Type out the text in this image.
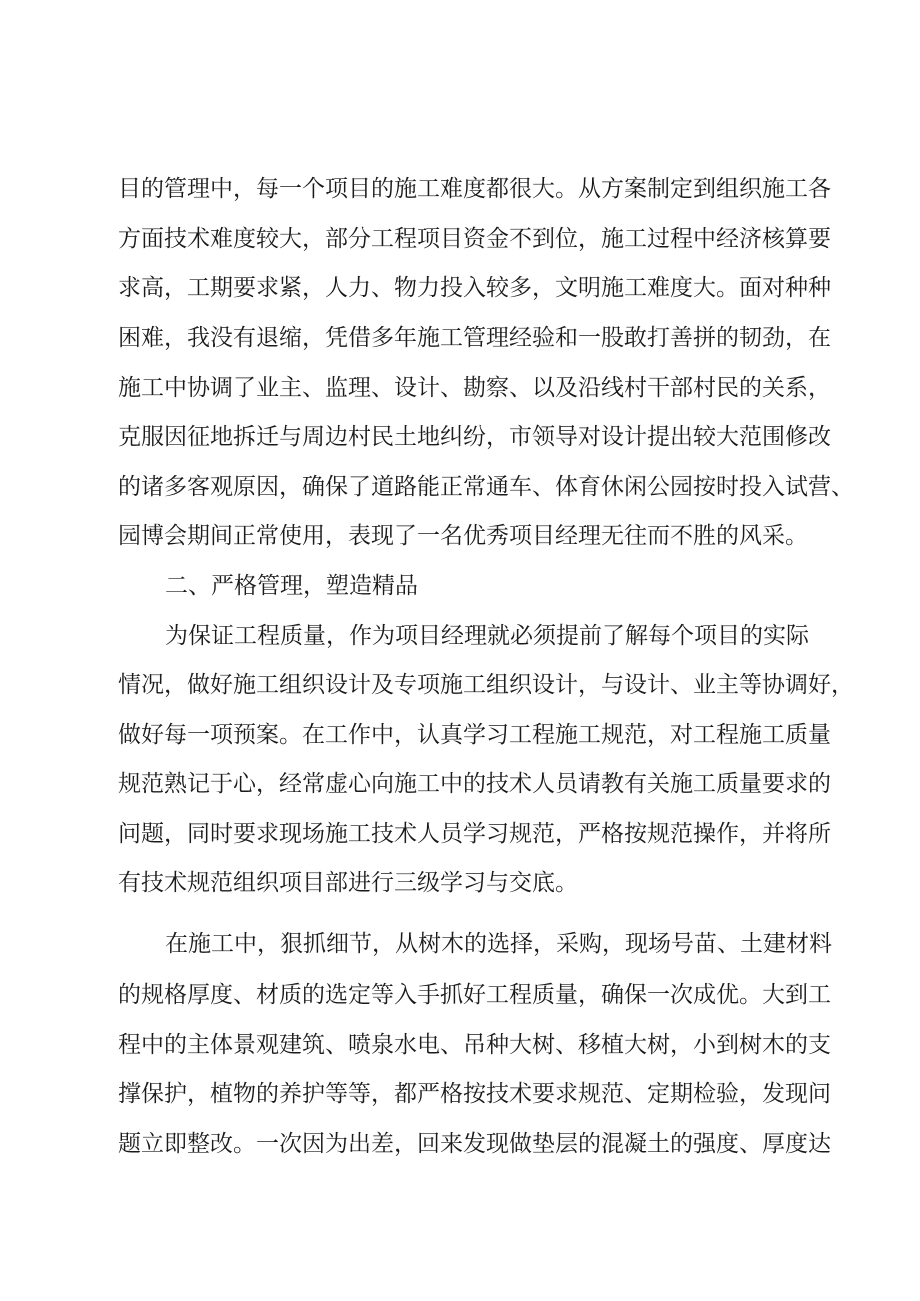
目的管理中，每一个项目的施工难度都很大。从方案制定到组织施工各
方面技术难度较大，部分工程项目资金不到位，施工过程中经济核算要
求高，工期要求紧，人力、物力投入较多，文明施工难度大。面对种种
困难，我没有退缩，凭借多年施工管理经验和一股敢打善拼的韧劲，在
施工中协调了业主、监理、设计、勘察、以及沿线村干部村民的关系，
克服因征地拆迁与周边村民土地纠纷，市领导对设计提出较大范围修改
的诸多客观原因，确保了道路能正常通车、体育休闲公园按时投入试营、
园博会期间正常使用，表现了一名优秀项目经理无往而不胜的风采。
二、严格管理，塑造精品
为保证工程质量，作为项目经理就必须提前了解每个项目的实际
情况，做好施工组织设计及专项施工组织设计，与设计、业主等协调好，
做好每一项预案。在工作中，认真学习工程施工规范，对工程施工质量
规范熟记于心，经常虚心向施工中的技术人员请教有关施工质量要求的
问题，同时要求现场施工技术人员学习规范，严格按规范操作，并将所
有技术规范组织项目部进行三级学习与交底。
在施工中，狠抓细节，从树木的选择，采购，现场号苗、土建材料
的规格厚度、材质的选定等入手抓好工程质量，确保一次成优。大到工
程中的主体景观建筑、喷泉水电、吊种大树、移植大树，小到树木的支
撑保护，植物的养护等等，都严格按技术要求规范、定期检验，发现问
题立即整改。一次因为出差，回来发现做垫层的混凝土的强度、厚度达
